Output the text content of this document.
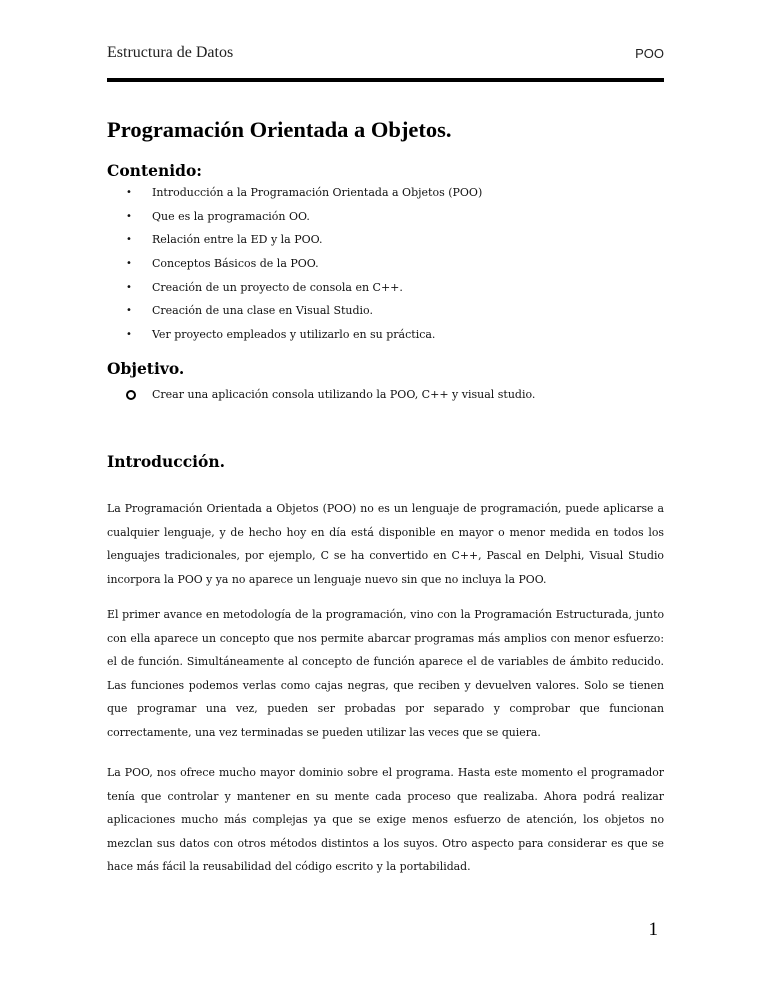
Estructura de Datos	POO
Programación Orientada a Objetos.
Contenido:
• Introducción a la Programación Orientada a Objetos (POO)
• Que es la programación OO.
• Relación entre la ED y la POO.
• Conceptos Básicos de la POO.
• Creación de un proyecto de consola en C++.
• Creación de una clase en Visual Studio.
• Ver proyecto empleados y utilizarlo en su práctica.
Objetivo.
Crear una aplicación consola utilizando la POO, C++ y visual studio.
Introducción.

La Programación Orientada a Objetos (POO) no es un lenguaje de programación, puede aplicarse a cualquier lenguaje, y de hecho hoy en día está disponible en mayor o menor medida en todos los lenguajes tradicionales, por ejemplo, C se ha convertido en C++, Pascal en Delphi, Visual Studio incorpora la POO y ya no aparece un lenguaje nuevo sin que no incluya la POO.

El primer avance en metodología de la programación, vino con la Programación Estructurada, junto con ella aparece un concepto que nos permite abarcar programas más amplios con menor esfuerzo: el de función. Simultáneamente al concepto de función aparece el de variables de ámbito reducido. Las funciones podemos verlas como cajas negras, que reciben y devuelven valores. Solo se tienen que programar una vez, pueden ser probadas por separado y comprobar que funcionan correctamente, una vez terminadas se pueden utilizar las veces que se quiera.

La POO, nos ofrece mucho mayor dominio sobre el programa. Hasta este momento el programador tenía que controlar y mantener en su mente cada proceso que realizaba. Ahora podrá realizar aplicaciones mucho más complejas ya que se exige menos esfuerzo de atención, los objetos no mezclan sus datos con otros métodos distintos a los suyos. Otro aspecto para considerar es que se hace más fácil la reusabilidad del código escrito y la portabilidad.

1
